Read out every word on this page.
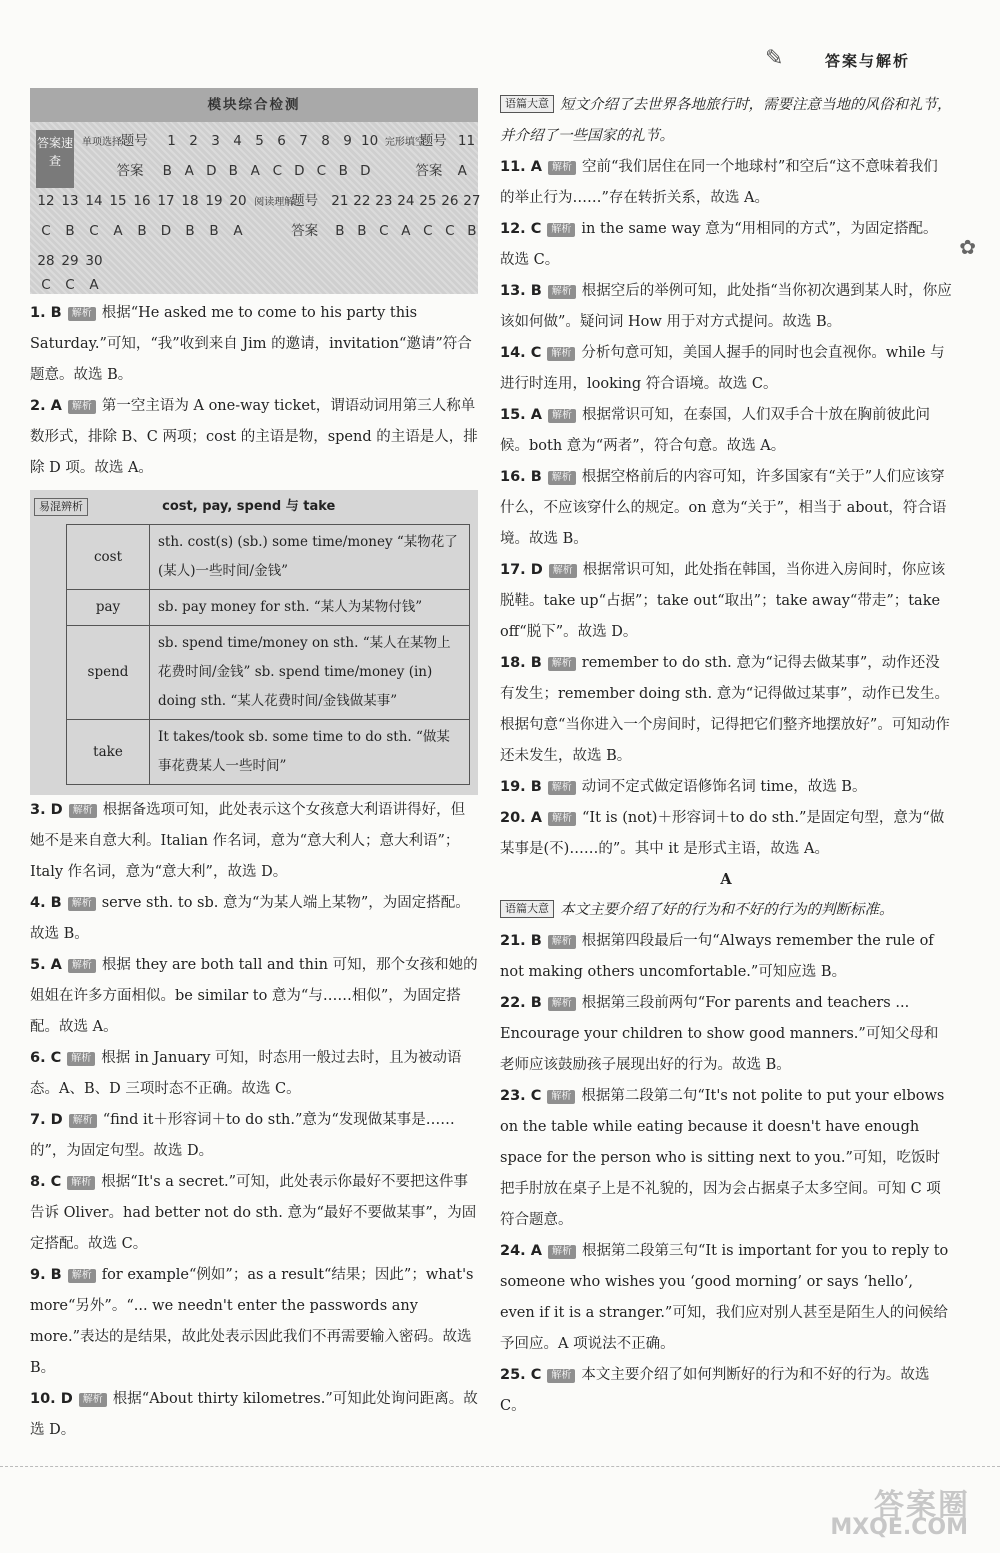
✎	答案与解析
✿
模块综合检测
答案速查
单项选择 题号 1 2 3 4 5 6 7 8 9 10 完形填空 题号 11
答案 B A D B A C D C B D	答案 A
12 13 14 15 16 17 18 19 20 阅读理解 题号 21 22 23 24 25 26 27
C B C A B D B B A	答案 B B C A C C B
28 29 30
C C A
1. B 解析 根据“He asked me to come to his party this Saturday.”可知，“我”收到来自 Jim 的邀请，invitation“邀请”符合题意。故选 B。
2. A 解析 第一空主语为 A one-way ticket，谓语动词用第三人称单数形式，排除 B、C 两项；cost 的主语是物，spend 的主语是人，排除 D 项。故选 A。
易混辨析	cost, pay, spend 与 take
cost	sth. cost(s) (sb.) some time/money “某物花了(某人)一些时间/金钱”
pay	sb. pay money for sth. “某人为某物付钱”
spend	sb. spend time/money on sth. “某人在某物上花费时间/金钱” sb. spend time/money (in) doing sth. “某人花费时间/金钱做某事”
take	It takes/took sb. some time to do sth. “做某事花费某人一些时间”
3. D 解析 根据备选项可知，此处表示这个女孩意大利语讲得好，但她不是来自意大利。Italian 作名词，意为“意大利人；意大利语”；Italy 作名词，意为“意大利”，故选 D。
4. B 解析 serve sth. to sb. 意为“为某人端上某物”，为固定搭配。故选 B。
5. A 解析 根据 they are both tall and thin 可知，那个女孩和她的姐姐在许多方面相似。be similar to 意为“与……相似”，为固定搭配。故选 A。
6. C 解析 根据 in January 可知，时态用一般过去时，且为被动语态。A、B、D 三项时态不正确。故选 C。
7. D 解析 “find it＋形容词＋to do sth.”意为“发现做某事是……的”，为固定句型。故选 D。
8. C 解析 根据“It's a secret.”可知，此处表示你最好不要把这件事告诉 Oliver。had better not do sth. 意为“最好不要做某事”，为固定搭配。故选 C。
9. B 解析 for example“例如”；as a result“结果；因此”；what's more“另外”。“... we needn't enter the passwords any more.”表达的是结果，故此处表示因此我们不再需要输入密码。故选 B。
10. D 解析 根据“About thirty kilometres.”可知此处询问距离。故选 D。
语篇大意 短文介绍了去世界各地旅行时，需要注意当地的风俗和礼节，并介绍了一些国家的礼节。
11. A 解析 空前“我们居住在同一个地球村”和空后“这不意味着我们的举止行为……”存在转折关系，故选 A。
12. C 解析 in the same way 意为“用相同的方式”，为固定搭配。故选 C。
13. B 解析 根据空后的举例可知，此处指“当你初次遇到某人时，你应该如何做”。疑问词 How 用于对方式提问。故选 B。
14. C 解析 分析句意可知，美国人握手的同时也会直视你。while 与进行时连用，looking 符合语境。故选 C。
15. A 解析 根据常识可知，在泰国，人们双手合十放在胸前彼此问候。both 意为“两者”，符合句意。故选 A。
16. B 解析 根据空格前后的内容可知，许多国家有“关于”人们应该穿什么，不应该穿什么的规定。on 意为“关于”，相当于 about，符合语境。故选 B。
17. D 解析 根据常识可知，此处指在韩国，当你进入房间时，你应该脱鞋。take up“占据”；take out“取出”；take away“带走”；take off“脱下”。故选 D。
18. B 解析 remember to do sth. 意为“记得去做某事”，动作还没有发生；remember doing sth. 意为“记得做过某事”，动作已发生。根据句意“当你进入一个房间时，记得把它们整齐地摆放好”。可知动作还未发生，故选 B。
19. B 解析 动词不定式做定语修饰名词 time，故选 B。
20. A 解析 “It is (not)＋形容词＋to do sth.”是固定句型，意为“做某事是(不)……的”。其中 it 是形式主语，故选 A。
A
语篇大意 本文主要介绍了好的行为和不好的行为的判断标准。
21. B 解析 根据第四段最后一句“Always remember the rule of not making others uncomfortable.”可知应选 B。
22. B 解析 根据第三段前两句“For parents and teachers ... Encourage your children to show good manners.”可知父母和老师应该鼓励孩子展现出好的行为。故选 B。
23. C 解析 根据第二段第二句“It's not polite to put your elbows on the table while eating because it doesn't have enough space for the person who is sitting next to you.”可知，吃饭时把手肘放在桌子上是不礼貌的，因为会占据桌子太多空间。可知 C 项符合题意。
24. A 解析 根据第二段第三句“It is important for you to reply to someone who wishes you ‘good morning’ or says ‘hello’, even if it is a stranger.”可知，我们应对别人甚至是陌生人的问候给予回应。A 项说法不正确。
25. C 解析 本文主要介绍了如何判断好的行为和不好的行为。故选 C。
答案圈
MXQE.COM
